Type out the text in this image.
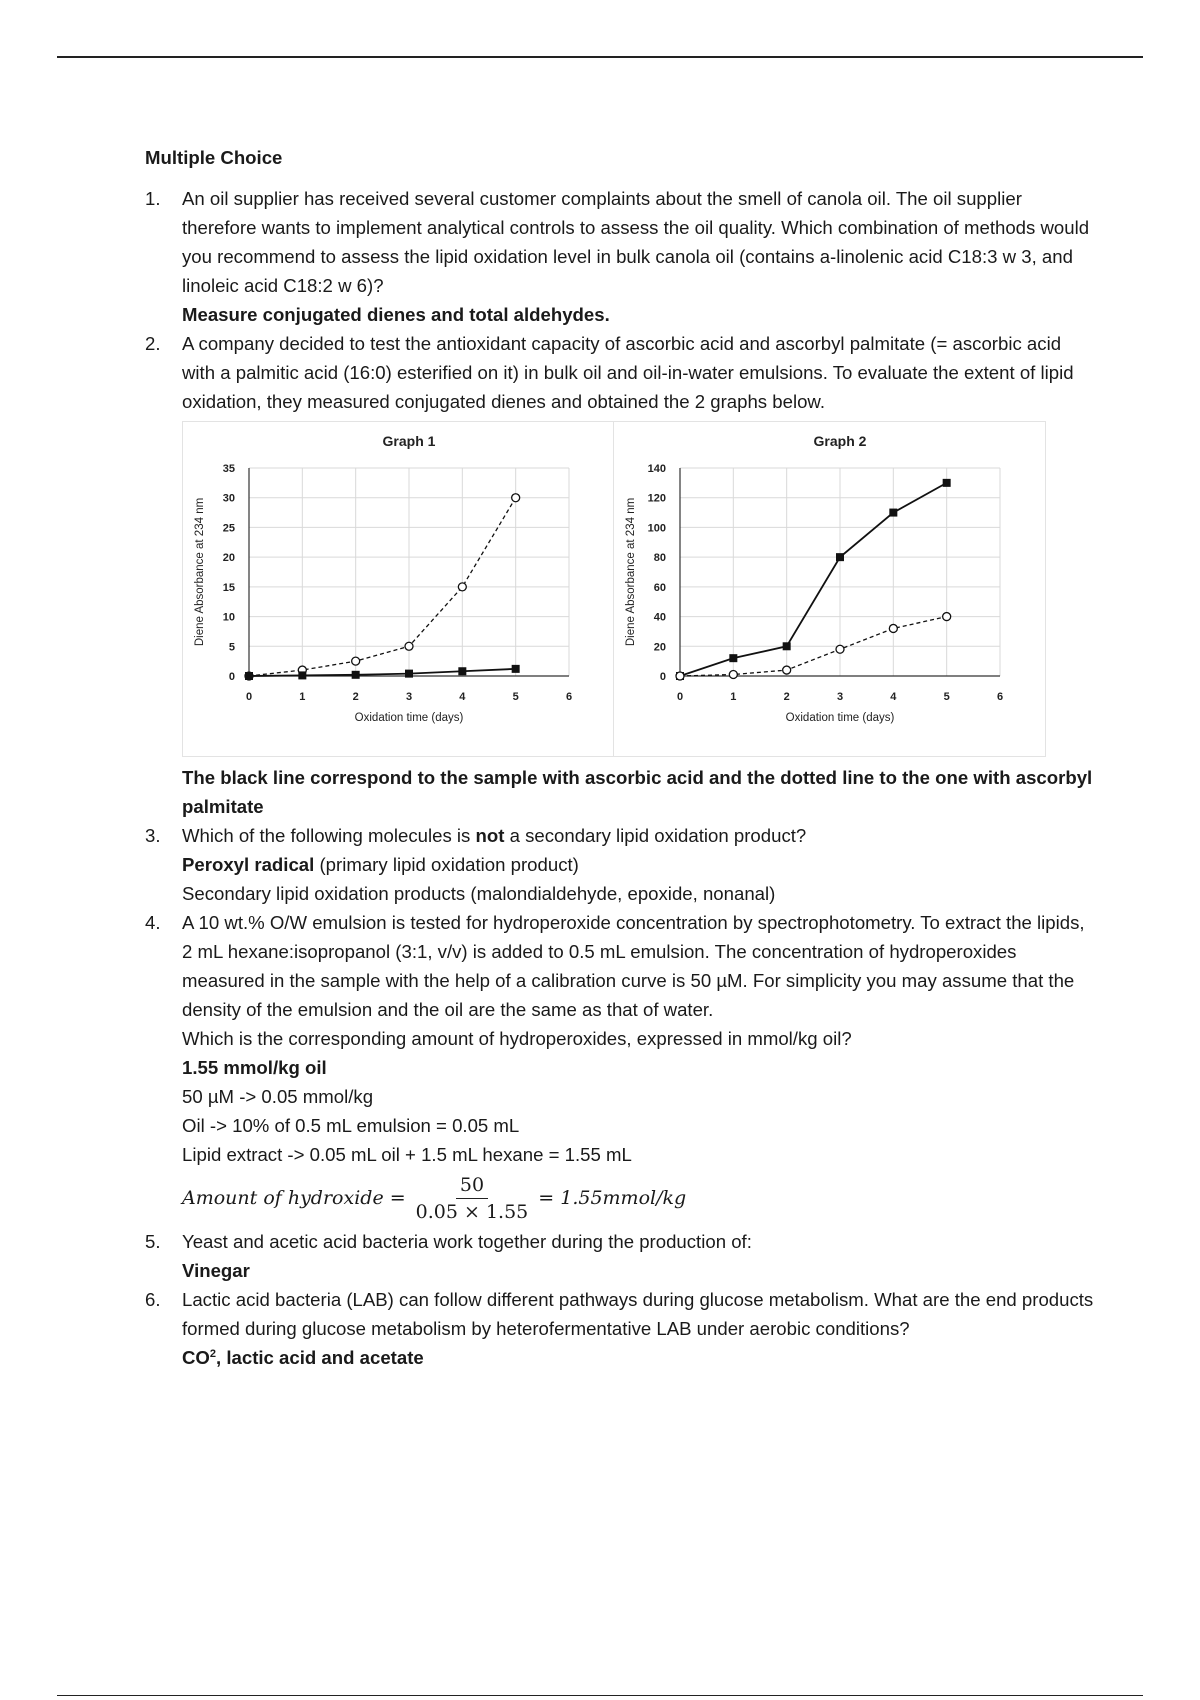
Multiple Choice
1. An oil supplier has received several customer complaints about the smell of canola oil. The oil supplier therefore wants to implement analytical controls to assess the oil quality. Which combination of methods would you recommend to assess the lipid oxidation level in bulk canola oil (contains a-linolenic acid C18:3 w 3, and linoleic acid C18:2 w 6)?
Measure conjugated dienes and total aldehydes.
2. A company decided to test the antioxidant capacity of ascorbic acid and ascorbyl palmitate (= ascorbic acid with a palmitic acid (16:0) esterified on it) in bulk oil and oil-in-water emulsions. To evaluate the extent of lipid oxidation, they measured conjugated dienes and obtained the 2 graphs below.
0
5
10
15
20
25
30
35
0	1	2	3	4	5	6
Graph 1
Oxidation time (days)
Diene Absorbance at 234 nm
0
20
40
60
80
100
120
140
0	1	2	3	4	5	6
Graph 2
Oxidation time (days)
Diene Absorbance at 234 nm
The black line correspond to the sample with ascorbic acid and the dotted line to the one with ascorbyl palmitate
3. Which of the following molecules is not a secondary lipid oxidation product?
Peroxyl radical (primary lipid oxidation product)
Secondary lipid oxidation products (malondialdehyde, epoxide, nonanal)
4. A 10 wt.% O/W emulsion is tested for hydroperoxide concentration by spectrophotometry. To extract the lipids, 2 mL hexane:isopropanol (3:1, v/v) is added to 0.5 mL emulsion. The concentration of hydroperoxides measured in the sample with the help of a calibration curve is 50 µM. For simplicity you may assume that the density of the emulsion and the oil are the same as that of water.
Which is the corresponding amount of hydroperoxides, expressed in mmol/kg oil?
1.55 mmol/kg oil
50 µM -> 0.05 mmol/kg
Oil -> 10% of 0.5 mL emulsion = 0.05 mL
Lipid extract -> 0.05 mL oil + 1.5 mL hexane = 1.55 mL
Amount of hydroxide = $\frac{50}{0.05 \times 1.55}$ = 1.55mmol/kg
5. Yeast and acetic acid bacteria work together during the production of:
Vinegar
6. Lactic acid bacteria (LAB) can follow different pathways during glucose metabolism. What are the end products formed during glucose metabolism by heterofermentative LAB under aerobic conditions?
$CO^2$, lactic acid and acetate
